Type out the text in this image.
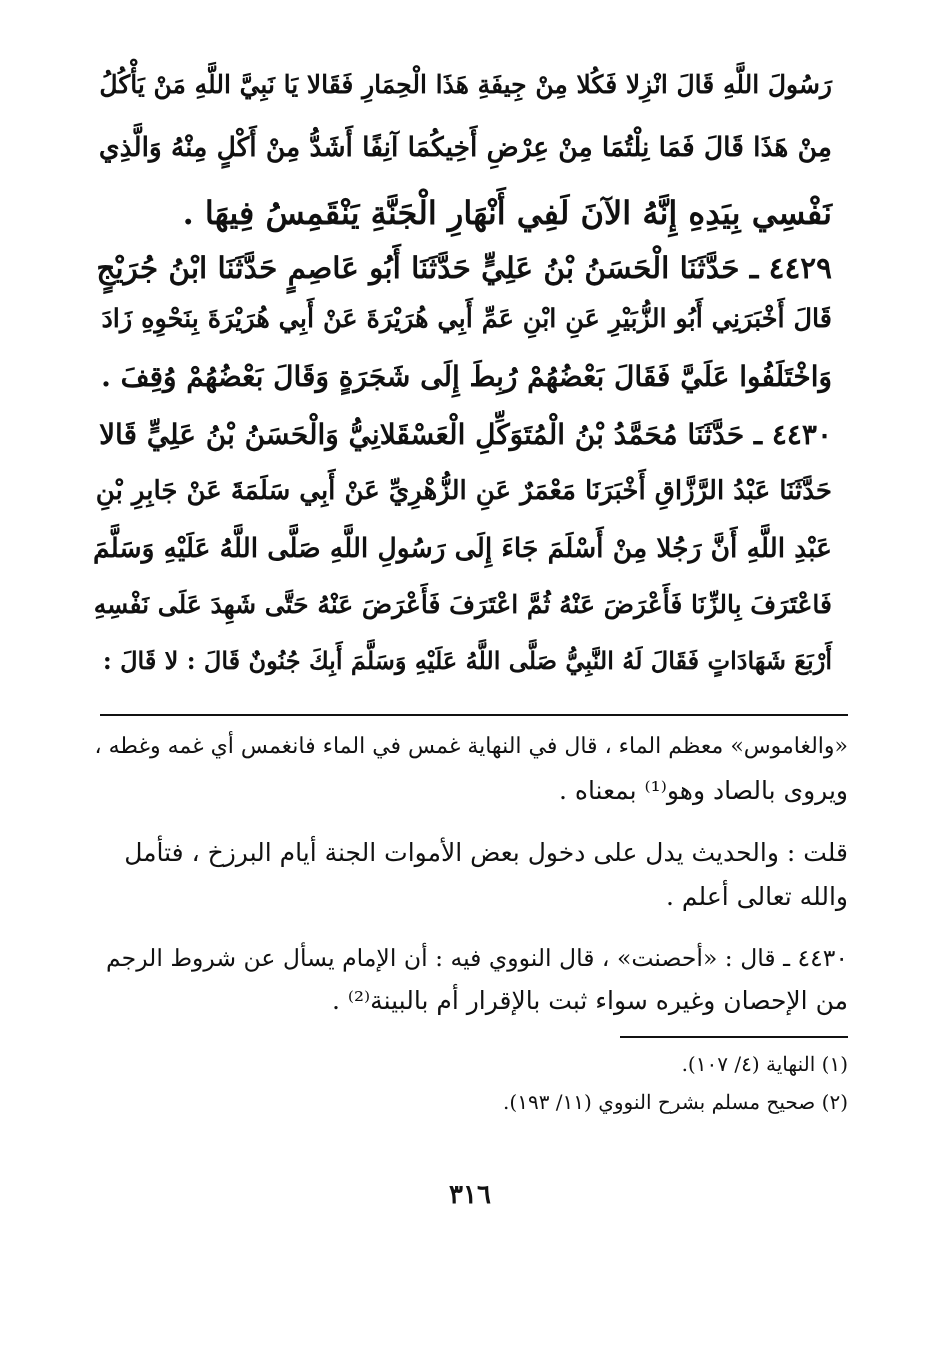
رَسُولَ اللَّهِ قَالَ انْزِلا فَكُلا مِنْ جِيفَةِ هَذَا الْحِمَارِ فَقَالا يَا نَبِيَّ اللَّهِ مَنْ يَأْكُلُ
مِنْ هَذَا قَالَ فَمَا نِلْتُمَا مِنْ عِرْضِ أَخِيكُمَا آنِفًا أَشَدُّ مِنْ أَكْلٍ مِنْهُ وَالَّذِي
نَفْسِي بِيَدِهِ إِنَّهُ الآنَ لَفِي أَنْهَارِ الْجَنَّةِ يَنْقَمِسُ فِيهَا .
٤٤٢٩ ـ حَدَّثَنَا الْحَسَنُ بْنُ عَلِيٍّ حَدَّثَنَا أَبُو عَاصِمٍ حَدَّثَنَا ابْنُ جُرَيْجٍ
قَالَ أَخْبَرَنِي أَبُو الزُّبَيْرِ عَنِ ابْنِ عَمِّ أَبِي هُرَيْرَةَ عَنْ أَبِي هُرَيْرَةَ بِنَحْوِهِ زَادَ
وَاخْتَلَفُوا عَلَيَّ فَقَالَ بَعْضُهُمْ رُبِطَ إِلَى شَجَرَةٍ وَقَالَ بَعْضُهُمْ وُقِفَ .
٤٤٣٠ ـ حَدَّثَنَا مُحَمَّدُ بْنُ الْمُتَوَكِّلِ الْعَسْقَلانِيُّ وَالْحَسَنُ بْنُ عَلِيٍّ قَالا
حَدَّثَنَا عَبْدُ الرَّزَّاقِ أَخْبَرَنَا مَعْمَرٌ عَنِ الزُّهْرِيِّ عَنْ أَبِي سَلَمَةَ عَنْ جَابِرِ بْنِ
عَبْدِ اللَّهِ أَنَّ رَجُلا مِنْ أَسْلَمَ جَاءَ إِلَى رَسُولِ اللَّهِ صَلَّى اللَّهُ عَلَيْهِ وَسَلَّمَ
فَاعْتَرَفَ بِالزِّنَا فَأَعْرَضَ عَنْهُ ثُمَّ اعْتَرَفَ فَأَعْرَضَ عَنْهُ حَتَّى شَهِدَ عَلَى نَفْسِهِ
أَرْبَعَ شَهَادَاتٍ فَقَالَ لَهُ النَّبِيُّ صَلَّى اللَّهُ عَلَيْهِ وَسَلَّمَ أَبِكَ جُنُونٌ قَالَ : لا قَالَ :
«والغاموس» معظم الماء ، قال في النهاية غمس في الماء فانغمس أي غمه وغطه ،
ويروى بالصاد وهو⁽¹⁾ بمعناه .
قلت : والحديث يدل على دخول بعض الأموات الجنة أيام البرزخ ، فتأمل
والله تعالى أعلم .
٤٤٣٠ ـ قال : «أحصنت» ، قال النووي فيه : أن الإمام يسأل عن شروط الرجم
من الإحصان وغيره سواء ثبت بالإقرار أم بالبينة⁽²⁾ .
(١) النهاية (٤/ ١٠٧).
(٢) صحيح مسلم بشرح النووي (١١/ ١٩٣).
٣١٦
